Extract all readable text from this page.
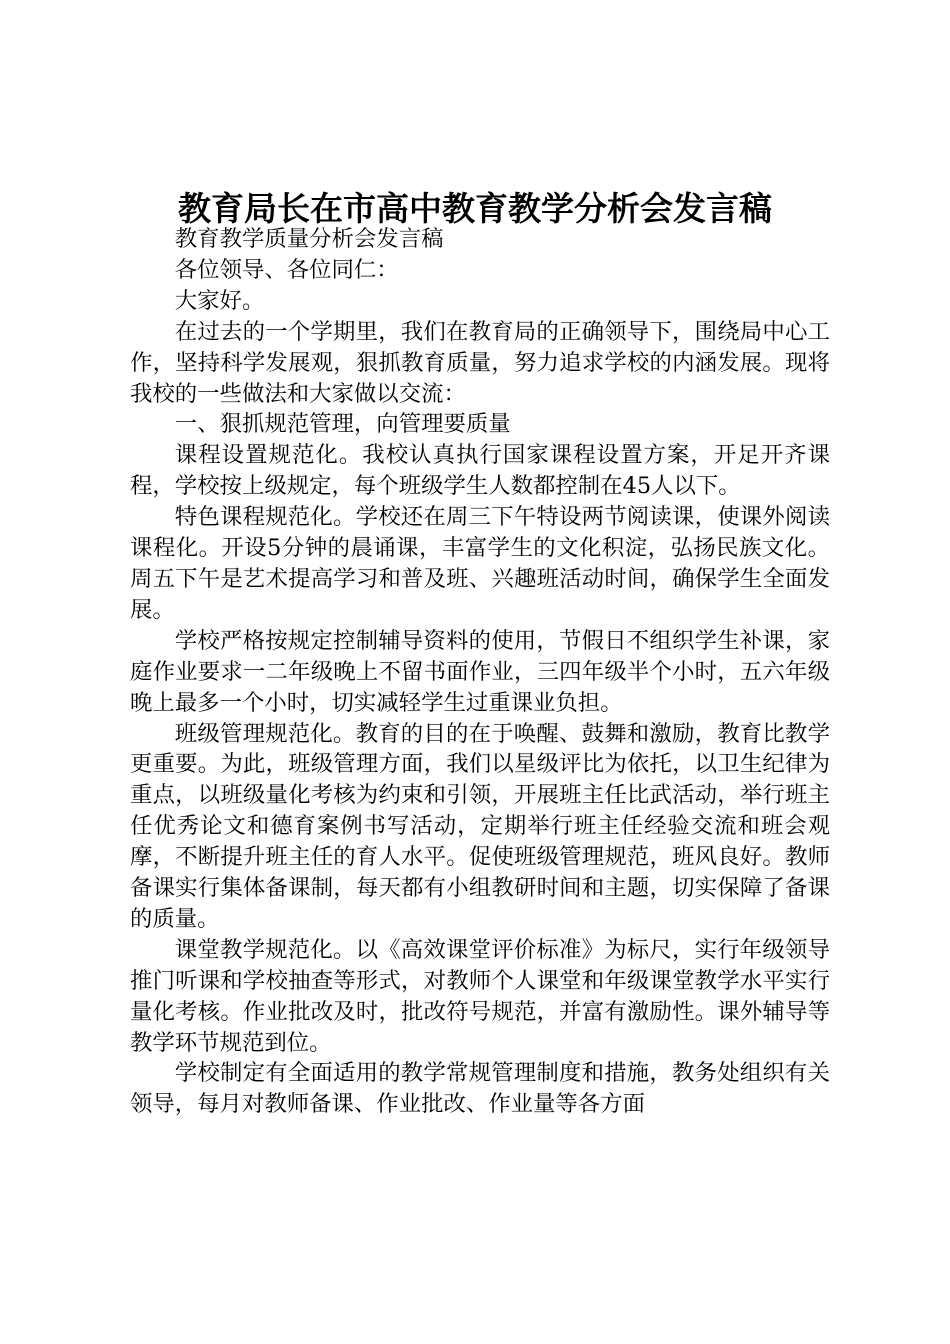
教育局长在市高中教育教学分析会发言稿

教育教学质量分析会发言稿

各位领导、各位同仁：

大家好。

在过去的一个学期里，我们在教育局的正确领导下，围绕局中心工作，坚持科学发展观，狠抓教育质量，努力追求学校的内涵发展。现将我校的一些做法和大家做以交流：

一、狠抓规范管理，向管理要质量

课程设置规范化。我校认真执行国家课程设置方案，开足开齐课程，学校按上级规定，每个班级学生人数都控制在45人以下。

特色课程规范化。学校还在周三下午特设两节阅读课，使课外阅读课程化。开设5分钟的晨诵课，丰富学生的文化积淀，弘扬民族文化。周五下午是艺术提高学习和普及班、兴趣班活动时间，确保学生全面发展。

学校严格按规定控制辅导资料的使用，节假日不组织学生补课，家庭作业要求一二年级晚上不留书面作业，三四年级半个小时，五六年级晚上最多一个小时，切实减轻学生过重课业负担。

班级管理规范化。教育的目的在于唤醒、鼓舞和激励，教育比教学更重要。为此，班级管理方面，我们以星级评比为依托，以卫生纪律为重点，以班级量化考核为约束和引领，开展班主任比武活动，举行班主任优秀论文和德育案例书写活动，定期举行班主任经验交流和班会观摩，不断提升班主任的育人水平。促使班级管理规范，班风良好。教师备课实行集体备课制，每天都有小组教研时间和主题，切实保障了备课的质量。

课堂教学规范化。以《高效课堂评价标准》为标尺，实行年级领导推门听课和学校抽查等形式，对教师个人课堂和年级课堂教学水平实行量化考核。作业批改及时，批改符号规范，并富有激励性。课外辅导等教学环节规范到位。

学校制定有全面适用的教学常规管理制度和措施，教务处组织有关领导，每月对教师备课、作业批改、作业量等各方面
